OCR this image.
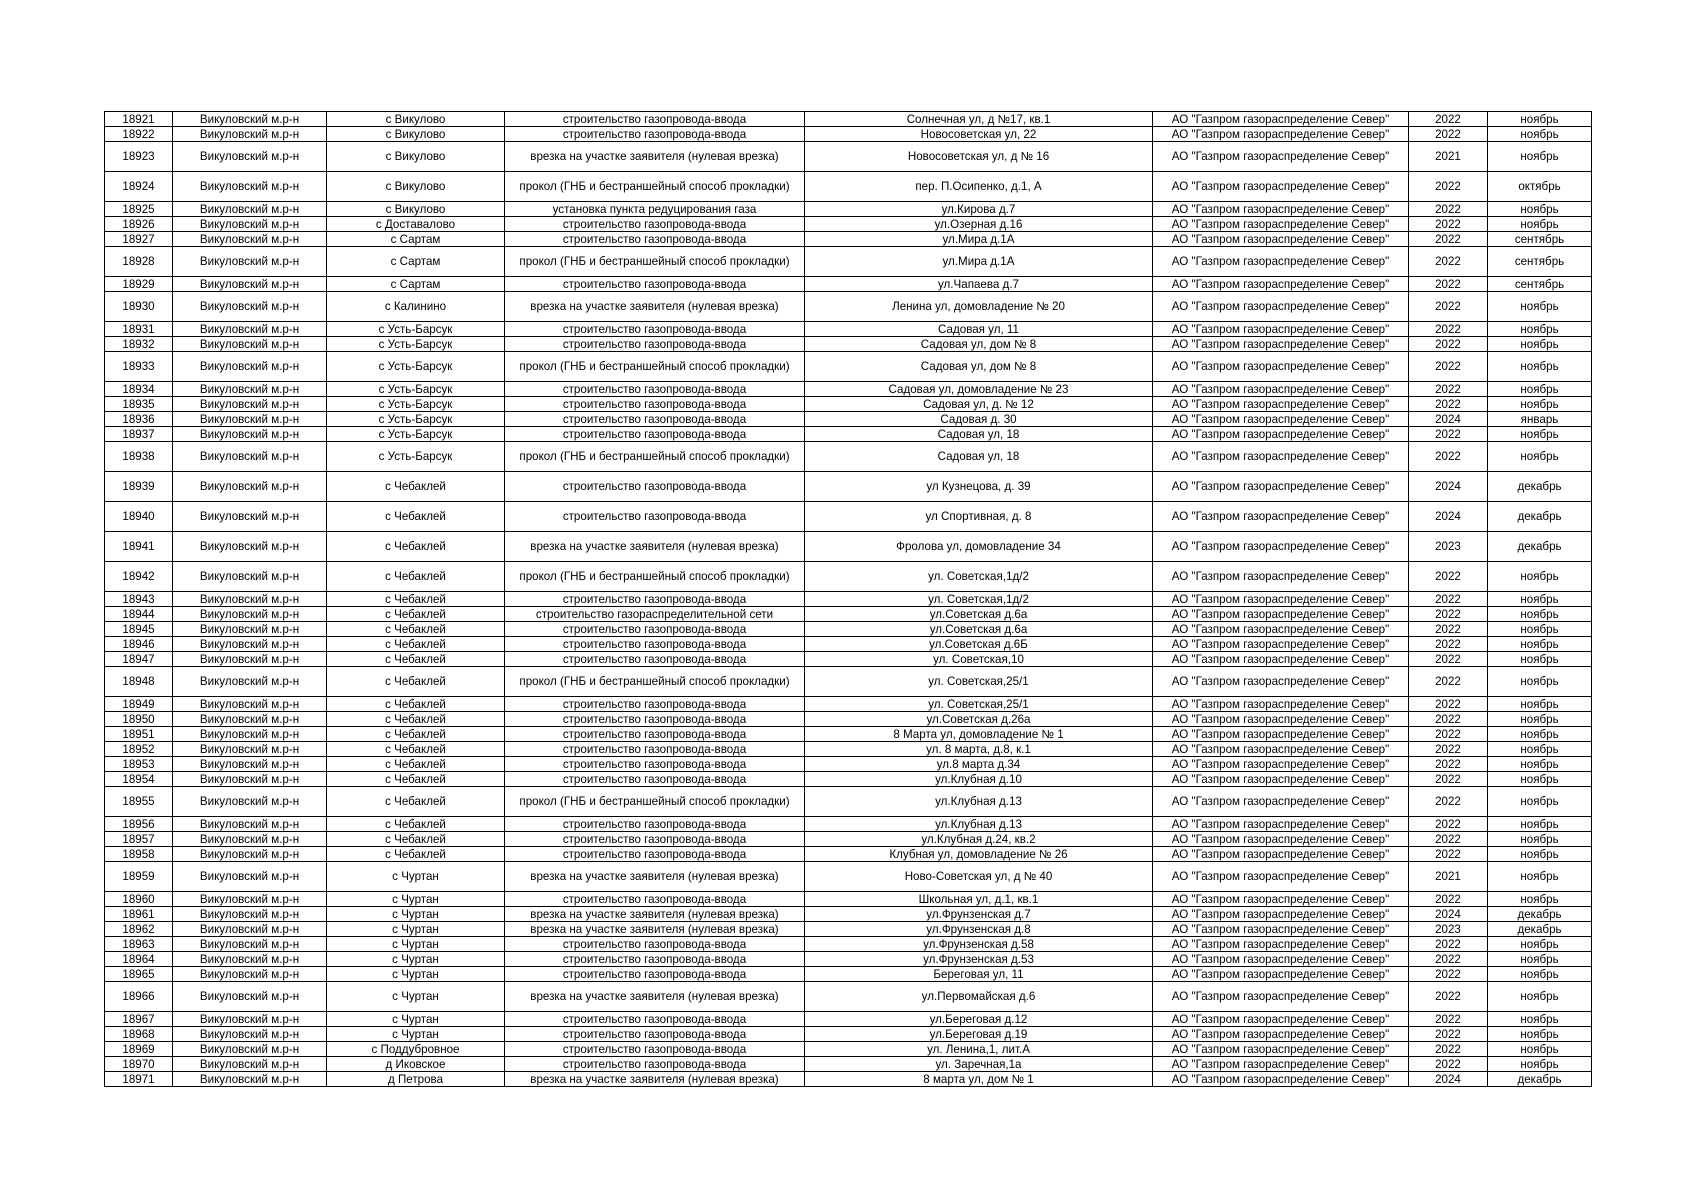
18921	Викуловский м.р-н	с Викулово	строительство газопровода-ввода	Солнечная ул, д №17, кв.1	АО "Газпром газораспределение Север"	2022	ноябрь
18922	Викуловский м.р-н	с Викулово	строительство газопровода-ввода	Новосоветская ул, 22	АО "Газпром газораспределение Север"	2022	ноябрь
18923	Викуловский м.р-н	с Викулово	врезка на участке заявителя (нулевая врезка)	Новосоветская ул, д № 16	АО "Газпром газораспределение Север"	2021	ноябрь
18924	Викуловский м.р-н	с Викулово	прокол (ГНБ и бестраншейный способ прокладки)	пер. П.Осипенко, д.1, А	АО "Газпром газораспределение Север"	2022	октябрь
18925	Викуловский м.р-н	с Викулово	установка пункта редуцирования газа	ул.Кирова д.7	АО "Газпром газораспределение Север"	2022	ноябрь
18926	Викуловский м.р-н	с Доставалово	строительство газопровода-ввода	ул.Озерная д.16	АО "Газпром газораспределение Север"	2022	ноябрь
18927	Викуловский м.р-н	с Сартам	строительство газопровода-ввода	ул.Мира д.1А	АО "Газпром газораспределение Север"	2022	сентябрь
18928	Викуловский м.р-н	с Сартам	прокол (ГНБ и бестраншейный способ прокладки)	ул.Мира д.1А	АО "Газпром газораспределение Север"	2022	сентябрь
18929	Викуловский м.р-н	с Сартам	строительство газопровода-ввода	ул.Чапаева д.7	АО "Газпром газораспределение Север"	2022	сентябрь
18930	Викуловский м.р-н	с Калинино	врезка на участке заявителя (нулевая врезка)	Ленина ул, домовладение № 20	АО "Газпром газораспределение Север"	2022	ноябрь
18931	Викуловский м.р-н	с Усть-Барсук	строительство газопровода-ввода	Садовая ул, 11	АО "Газпром газораспределение Север"	2022	ноябрь
18932	Викуловский м.р-н	с Усть-Барсук	строительство газопровода-ввода	Садовая ул, дом № 8	АО "Газпром газораспределение Север"	2022	ноябрь
18933	Викуловский м.р-н	с Усть-Барсук	прокол (ГНБ и бестраншейный способ прокладки)	Садовая ул, дом № 8	АО "Газпром газораспределение Север"	2022	ноябрь
18934	Викуловский м.р-н	с Усть-Барсук	строительство газопровода-ввода	Садовая ул, домовладение № 23	АО "Газпром газораспределение Север"	2022	ноябрь
18935	Викуловский м.р-н	с Усть-Барсук	строительство газопровода-ввода	Садовая ул, д. № 12	АО "Газпром газораспределение Север"	2022	ноябрь
18936	Викуловский м.р-н	с Усть-Барсук	строительство газопровода-ввода	Садовая д. 30	АО "Газпром газораспределение Север"	2024	январь
18937	Викуловский м.р-н	с Усть-Барсук	строительство газопровода-ввода	Садовая ул, 18	АО "Газпром газораспределение Север"	2022	ноябрь
18938	Викуловский м.р-н	с Усть-Барсук	прокол (ГНБ и бестраншейный способ прокладки)	Садовая ул, 18	АО "Газпром газораспределение Север"	2022	ноябрь
18939	Викуловский м.р-н	с Чебаклей	строительство газопровода-ввода	ул Кузнецова, д. 39	АО "Газпром газораспределение Север"	2024	декабрь
18940	Викуловский м.р-н	с Чебаклей	строительство газопровода-ввода	ул Спортивная, д. 8	АО "Газпром газораспределение Север"	2024	декабрь
18941	Викуловский м.р-н	с Чебаклей	врезка на участке заявителя (нулевая врезка)	Фролова ул, домовладение 34	АО "Газпром газораспределение Север"	2023	декабрь
18942	Викуловский м.р-н	с Чебаклей	прокол (ГНБ и бестраншейный способ прокладки)	ул. Советская,1д/2	АО "Газпром газораспределение Север"	2022	ноябрь
18943	Викуловский м.р-н	с Чебаклей	строительство газопровода-ввода	ул. Советская,1д/2	АО "Газпром газораспределение Север"	2022	ноябрь
18944	Викуловский м.р-н	с Чебаклей	строительство газораспределительной сети	ул.Советская д.6а	АО "Газпром газораспределение Север"	2022	ноябрь
18945	Викуловский м.р-н	с Чебаклей	строительство газопровода-ввода	ул.Советская д.6а	АО "Газпром газораспределение Север"	2022	ноябрь
18946	Викуловский м.р-н	с Чебаклей	строительство газопровода-ввода	ул.Советская д.6Б	АО "Газпром газораспределение Север"	2022	ноябрь
18947	Викуловский м.р-н	с Чебаклей	строительство газопровода-ввода	ул. Советская,10	АО "Газпром газораспределение Север"	2022	ноябрь
18948	Викуловский м.р-н	с Чебаклей	прокол (ГНБ и бестраншейный способ прокладки)	ул. Советская,25/1	АО "Газпром газораспределение Север"	2022	ноябрь
18949	Викуловский м.р-н	с Чебаклей	строительство газопровода-ввода	ул. Советская,25/1	АО "Газпром газораспределение Север"	2022	ноябрь
18950	Викуловский м.р-н	с Чебаклей	строительство газопровода-ввода	ул.Советская д.26а	АО "Газпром газораспределение Север"	2022	ноябрь
18951	Викуловский м.р-н	с Чебаклей	строительство газопровода-ввода	8 Марта ул, домовладение № 1	АО "Газпром газораспределение Север"	2022	ноябрь
18952	Викуловский м.р-н	с Чебаклей	строительство газопровода-ввода	ул. 8 марта, д.8, к.1	АО "Газпром газораспределение Север"	2022	ноябрь
18953	Викуловский м.р-н	с Чебаклей	строительство газопровода-ввода	ул.8 марта д.34	АО "Газпром газораспределение Север"	2022	ноябрь
18954	Викуловский м.р-н	с Чебаклей	строительство газопровода-ввода	ул.Клубная д.10	АО "Газпром газораспределение Север"	2022	ноябрь
18955	Викуловский м.р-н	с Чебаклей	прокол (ГНБ и бестраншейный способ прокладки)	ул.Клубная д.13	АО "Газпром газораспределение Север"	2022	ноябрь
18956	Викуловский м.р-н	с Чебаклей	строительство газопровода-ввода	ул.Клубная д.13	АО "Газпром газораспределение Север"	2022	ноябрь
18957	Викуловский м.р-н	с Чебаклей	строительство газопровода-ввода	ул.Клубная д.24, кв.2	АО "Газпром газораспределение Север"	2022	ноябрь
18958	Викуловский м.р-н	с Чебаклей	строительство газопровода-ввода	Клубная ул, домовладение № 26	АО "Газпром газораспределение Север"	2022	ноябрь
18959	Викуловский м.р-н	с Чуртан	врезка на участке заявителя (нулевая врезка)	Ново-Советская ул, д № 40	АО "Газпром газораспределение Север"	2021	ноябрь
18960	Викуловский м.р-н	с Чуртан	строительство газопровода-ввода	Школьная ул, д.1, кв.1	АО "Газпром газораспределение Север"	2022	ноябрь
18961	Викуловский м.р-н	с Чуртан	врезка на участке заявителя (нулевая врезка)	ул.Фрунзенская д.7	АО "Газпром газораспределение Север"	2024	декабрь
18962	Викуловский м.р-н	с Чуртан	врезка на участке заявителя (нулевая врезка)	ул.Фрунзенская д.8	АО "Газпром газораспределение Север"	2023	декабрь
18963	Викуловский м.р-н	с Чуртан	строительство газопровода-ввода	ул.Фрунзенская д.58	АО "Газпром газораспределение Север"	2022	ноябрь
18964	Викуловский м.р-н	с Чуртан	строительство газопровода-ввода	ул.Фрунзенская д.53	АО "Газпром газораспределение Север"	2022	ноябрь
18965	Викуловский м.р-н	с Чуртан	строительство газопровода-ввода	Береговая ул, 11	АО "Газпром газораспределение Север"	2022	ноябрь
18966	Викуловский м.р-н	с Чуртан	врезка на участке заявителя (нулевая врезка)	ул.Первомайская д.6	АО "Газпром газораспределение Север"	2022	ноябрь
18967	Викуловский м.р-н	с Чуртан	строительство газопровода-ввода	ул.Береговая д.12	АО "Газпром газораспределение Север"	2022	ноябрь
18968	Викуловский м.р-н	с Чуртан	строительство газопровода-ввода	ул.Береговая д.19	АО "Газпром газораспределение Север"	2022	ноябрь
18969	Викуловский м.р-н	с Поддубровное	строительство газопровода-ввода	ул. Ленина,1, лит.А	АО "Газпром газораспределение Север"	2022	ноябрь
18970	Викуловский м.р-н	д Иковское	строительство газопровода-ввода	ул. Заречная,1а	АО "Газпром газораспределение Север"	2022	ноябрь
18971	Викуловский м.р-н	д Петрова	врезка на участке заявителя (нулевая врезка)	8 марта ул, дом № 1	АО "Газпром газораспределение Север"	2024	декабрь
